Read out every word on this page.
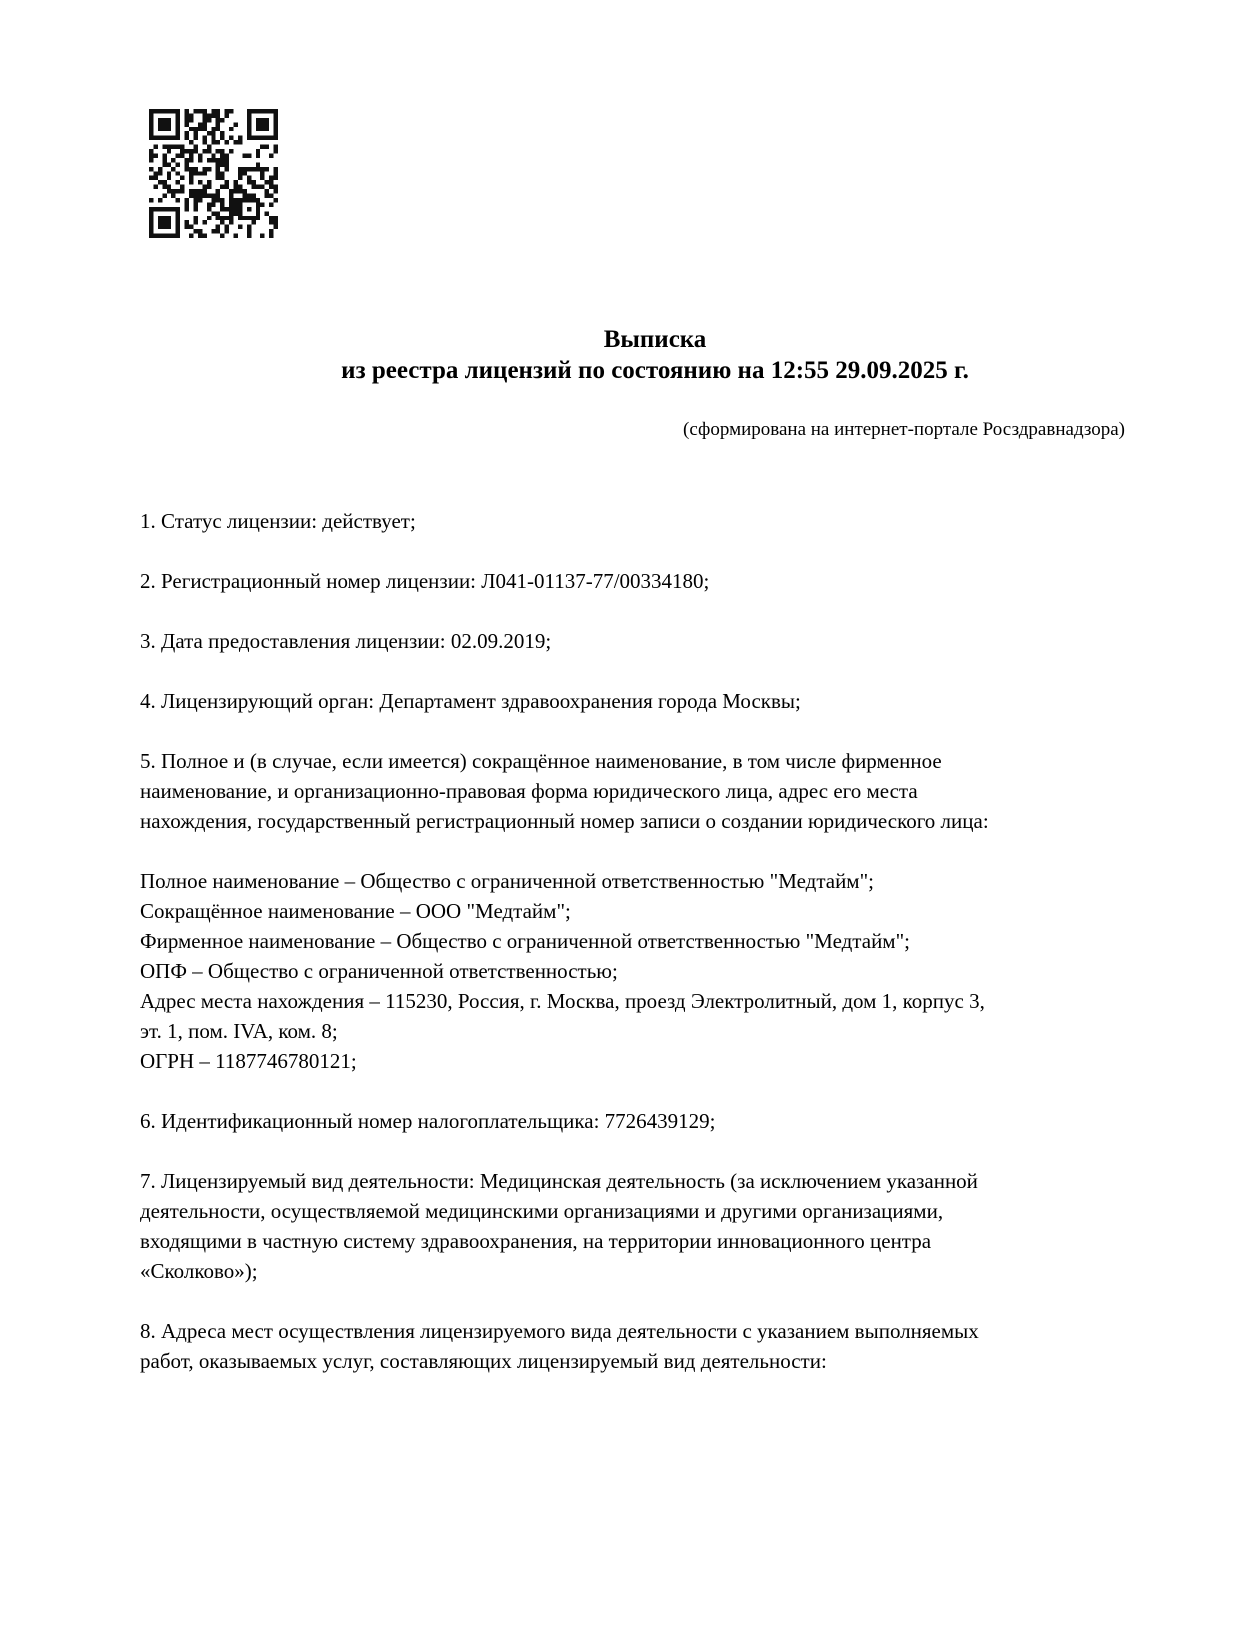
Выписка
из реестра лицензий по состоянию на 12:55 29.09.2025 г.
(сформирована на интернет-портале Росздравнадзора)
1. Статус лицензии: действует;
2. Регистрационный номер лицензии: Л041-01137-77/00334180;
3. Дата предоставления лицензии: 02.09.2019;
4. Лицензирующий орган: Департамент здравоохранения города Москвы;
5. Полное и (в случае, если имеется) сокращённое наименование, в том числе фирменное
наименование, и организационно-правовая форма юридического лица, адрес его места
нахождения, государственный регистрационный номер записи о создании юридического лица:
Полное наименование – Общество с ограниченной ответственностью "Медтайм";
Сокращённое наименование – ООО "Медтайм";
Фирменное наименование – Общество с ограниченной ответственностью "Медтайм";
ОПФ – Общество с ограниченной ответственностью;
Адрес места нахождения – 115230, Россия, г. Москва, проезд Электролитный, дом 1, корпус 3,
эт. 1, пом. IVA, ком. 8;
ОГРН – 1187746780121;
6. Идентификационный номер налогоплательщика: 7726439129;
7. Лицензируемый вид деятельности: Медицинская деятельность (за исключением указанной
деятельности, осуществляемой медицинскими организациями и другими организациями,
входящими в частную систему здравоохранения, на территории инновационного центра
«Сколково»);
8. Адреса мест осуществления лицензируемого вида деятельности с указанием выполняемых
работ, оказываемых услуг, составляющих лицензируемый вид деятельности:
